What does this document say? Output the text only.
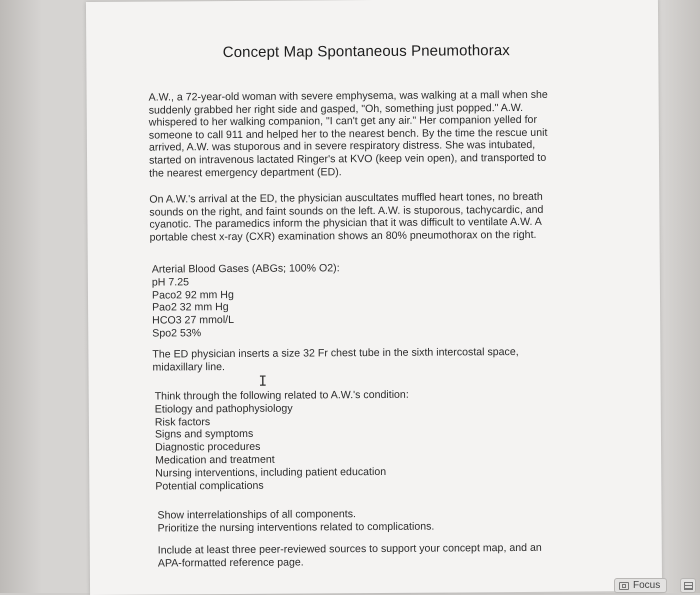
Concept Map Spontaneous Pneumothorax
A.W., a 72-year-old woman with severe emphysema, was walking at a mall when she
suddenly grabbed her right side and gasped, "Oh, something just popped." A.W.
whispered to her walking companion, "I can't get any air." Her companion yelled for
someone to call 911 and helped her to the nearest bench. By the time the rescue unit
arrived, A.W. was stuporous and in severe respiratory distress. She was intubated,
started on intravenous lactated Ringer's at KVO (keep vein open), and transported to
the nearest emergency department (ED).
On A.W.'s arrival at the ED, the physician auscultates muffled heart tones, no breath
sounds on the right, and faint sounds on the left. A.W. is stuporous, tachycardic, and
cyanotic. The paramedics inform the physician that it was difficult to ventilate A.W. A
portable chest x-ray (CXR) examination shows an 80% pneumothorax on the right.
Arterial Blood Gases (ABGs; 100% O2):
pH 7.25
Paco2 92 mm Hg
Pao2 32 mm Hg
HCO3 27 mmol/L
Spo2 53%
The ED physician inserts a size 32 Fr chest tube in the sixth intercostal space,
midaxillary line.
Think through the following related to A.W.'s condition:
Etiology and pathophysiology
Risk factors
Signs and symptoms
Diagnostic procedures
Medication and treatment
Nursing interventions, including patient education
Potential complications
Show interrelationships of all components.
Prioritize the nursing interventions related to complications.
Include at least three peer-reviewed sources to support your concept map, and an
APA-formatted reference page.
I
Focus
